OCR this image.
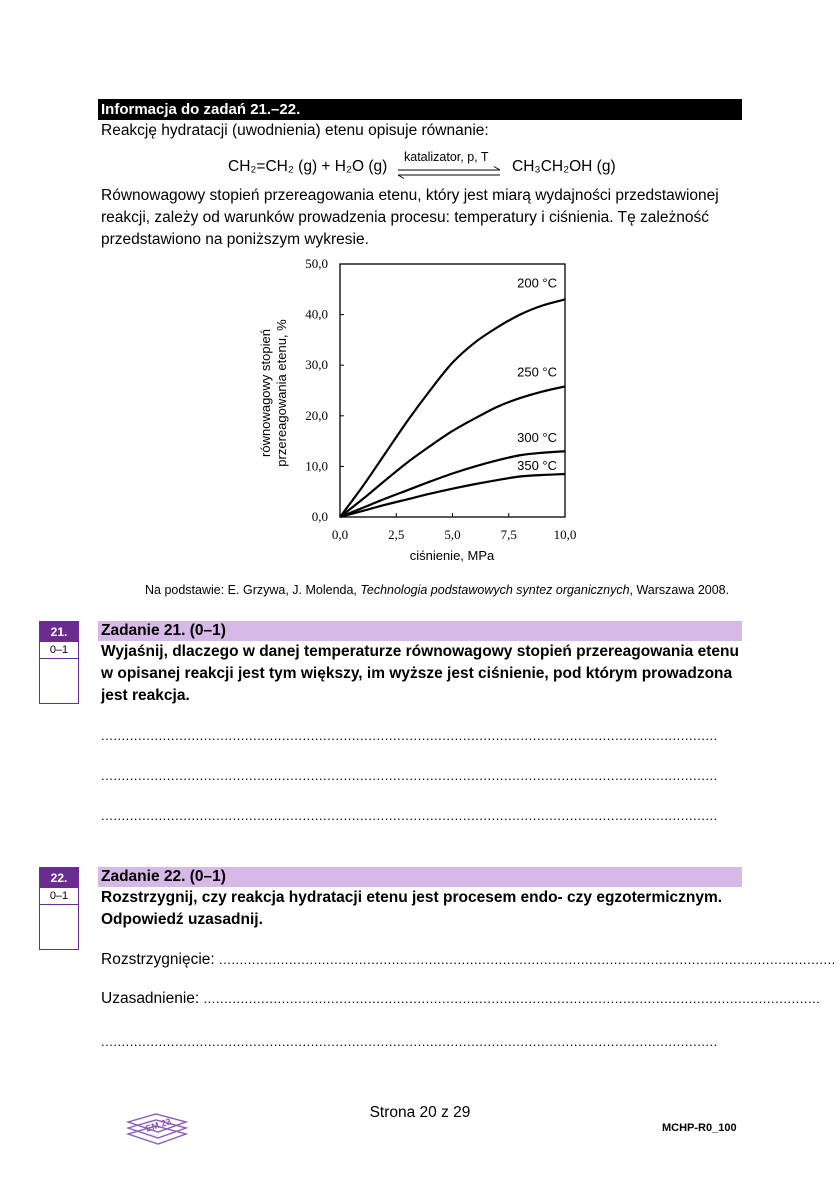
Informacja do zadań 21.–22.
Reakcję hydratacji (uwodnienia) etenu opisuje równanie:
CH₂=CH₂ (g) + H₂O (g)
katalizator, p, T
CH₃CH₂OH (g)
Równowagowy stopień przereagowania etenu, który jest miarą wydajności przedstawionej reakcji, zależy od warunków prowadzenia procesu: temperatury i ciśnienia. Tę zależność przedstawiono na poniższym wykresie.
0,0	2,5	5,0	7,5	10,0
0,0
10,0
20,0
30,0
40,0
50,0
200 °C
250 °C
300 °C
350 °C
ciśnienie, MPa
równowagowy stopień przereagowania etenu, %
Na podstawie: E. Grzywa, J. Molenda, Technologia podstawowych syntez organicznych, Warszawa 2008.
21.
0–1
Zadanie 21. (0–1)
Wyjaśnij, dlaczego w danej temperaturze równowagowy stopień przereagowania etenu w opisanej reakcji jest tym większy, im wyższe jest ciśnienie, pod którym prowadzona jest reakcja.
......................................................................................................................................................
......................................................................................................................................................
......................................................................................................................................................
22.
0–1
Zadanie 22. (0–1)
Rozstrzygnij, czy reakcja hydratacji etenu jest procesem endo- czy egzotermicznym. Odpowiedź uzasadnij.
Rozstrzygnięcie: ......................................................................................................................................................
Uzasadnienie: ......................................................................................................................................................
......................................................................................................................................................
EM 23
Strona 20 z 29
MCHP-R0_100
